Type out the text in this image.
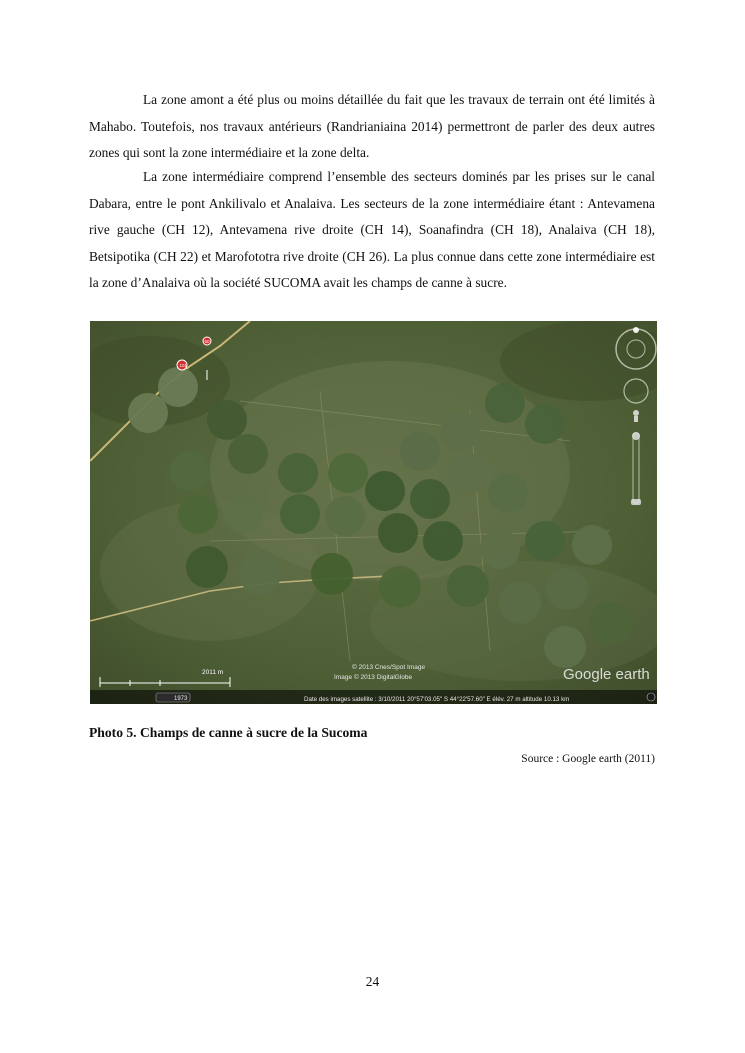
La zone amont a été plus ou moins détaillée du fait que les travaux de terrain ont été limités à Mahabo. Toutefois, nos travaux antérieurs (Randrianiaina 2014) permettront de parler des deux autres zones qui sont la zone intermédiaire et la zone delta.

La zone intermédiaire comprend l’ensemble des secteurs dominés par les prises sur le canal Dabara, entre le pont Ankilivalo et Analaiva. Les secteurs de la zone intermédiaire étant : Antevamena rive gauche (CH 12), Antevamena rive droite (CH 14), Soanafindra (CH 18), Analaiva (CH 18), Betsipotika (CH 22) et Marofototra rive droite (CH 26). La plus connue dans cette zone intermédiaire est la zone d’Analaiva où la société SUCOMA avait les champs de canne à sucre.

2011 m
1973	Date des images satellite : 3/10/2011 20°57'03.05" S 44°22'57.60" E élév. 27 m altitude 10.13 km
© 2013 Cnes/Spot Image
Image © 2013 DigitalGlobe	Google earth
101
60

Photo 5. Champs de canne à sucre de la Sucoma

Source : Google earth (2011)

24
